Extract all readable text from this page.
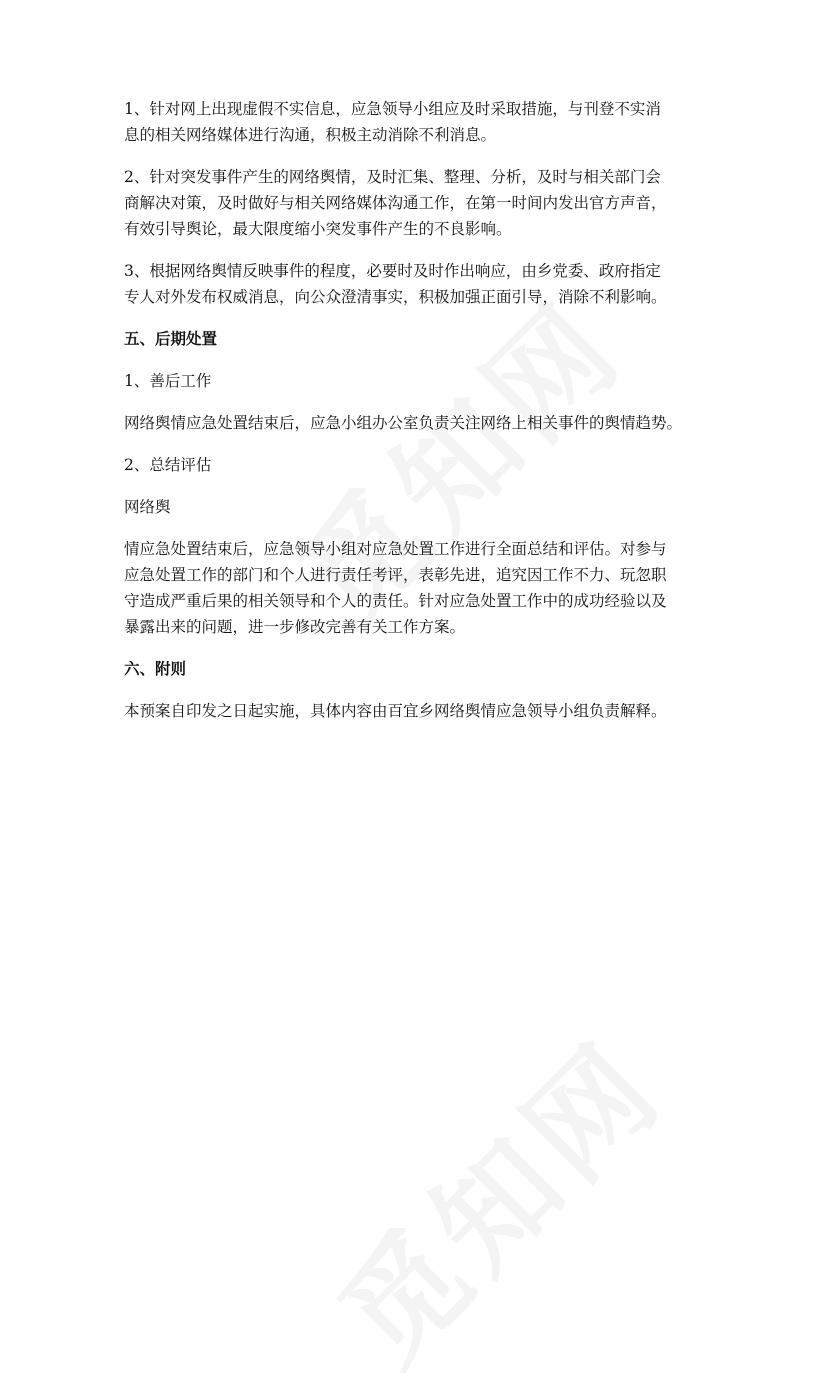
1、针对网上出现虚假不实信息，应急领导小组应及时采取措施，与刊登不实消
息的相关网络媒体进行沟通，积极主动消除不利消息。

2、针对突发事件产生的网络舆情，及时汇集、整理、分析，及时与相关部门会
商解决对策，及时做好与相关网络媒体沟通工作，在第一时间内发出官方声音，
有效引导舆论，最大限度缩小突发事件产生的不良影响。

3、根据网络舆情反映事件的程度，必要时及时作出响应，由乡党委、政府指定
专人对外发布权威消息，向公众澄清事实，积极加强正面引导，消除不利影响。

五、后期处置

1、善后工作

网络舆情应急处置结束后，应急小组办公室负责关注网络上相关事件的舆情趋势。

2、总结评估

网络舆

情应急处置结束后，应急领导小组对应急处置工作进行全面总结和评估。对参与
应急处置工作的部门和个人进行责任考评，表彰先进，追究因工作不力、玩忽职
守造成严重后果的相关领导和个人的责任。针对应急处置工作中的成功经验以及
暴露出来的问题，进一步修改完善有关工作方案。

六、附则

本预案自印发之日起实施，具体内容由百宜乡网络舆情应急领导小组负责解释。
